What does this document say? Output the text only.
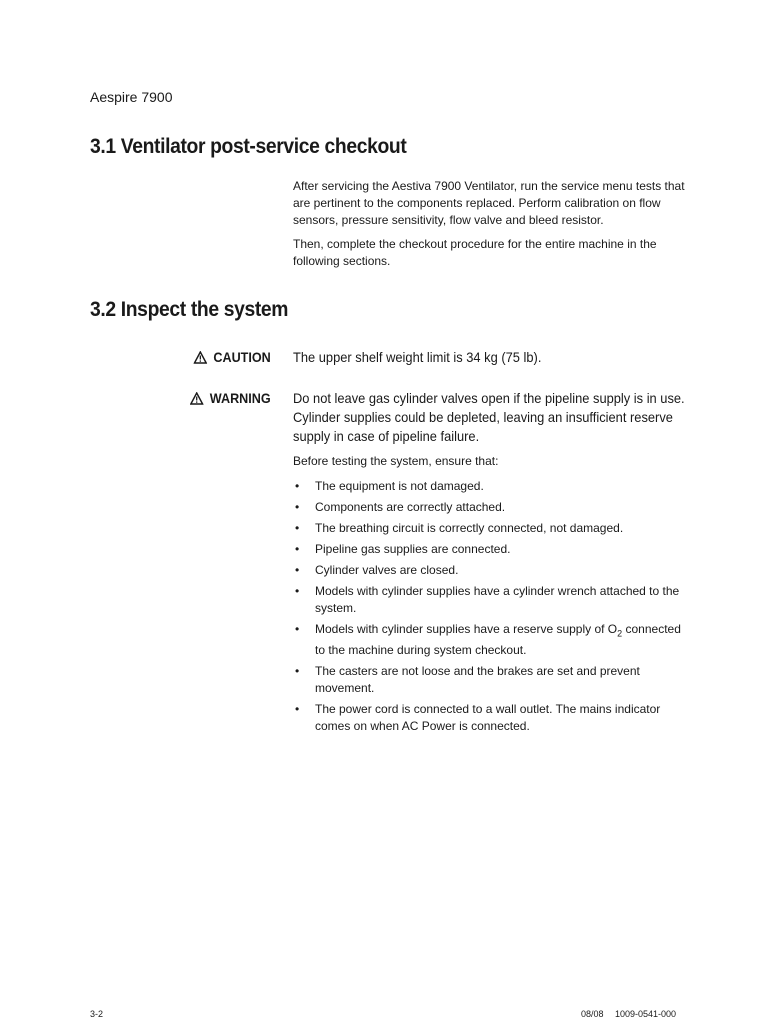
Aespire 7900
3.1 Ventilator post-service checkout

After servicing the Aestiva 7900 Ventilator, run the service menu tests that are pertinent to the components replaced. Perform calibration on flow sensors, pressure sensitivity, flow valve and bleed resistor.

Then, complete the checkout procedure for the entire machine in the following sections.

3.2 Inspect the system
CAUTION The upper shelf weight limit is 34 kg (75 lb).

WARNING Do not leave gas cylinder valves open if the pipeline supply is in use. Cylinder supplies could be depleted, leaving an insufficient reserve supply in case of pipeline failure.

Before testing the system, ensure that:

• The equipment is not damaged.
• Components are correctly attached.
• The breathing circuit is correctly connected, not damaged.
• Pipeline gas supplies are connected.
• Cylinder valves are closed.
• Models with cylinder supplies have a cylinder wrench attached to the system.
• Models with cylinder supplies have a reserve supply of $O_2$ connected to the machine during system checkout.
• The casters are not loose and the brakes are set and prevent movement.
• The power cord is connected to a wall outlet. The mains indicator comes on when AC Power is connected.
3-2	08/08 1009-0541-000
